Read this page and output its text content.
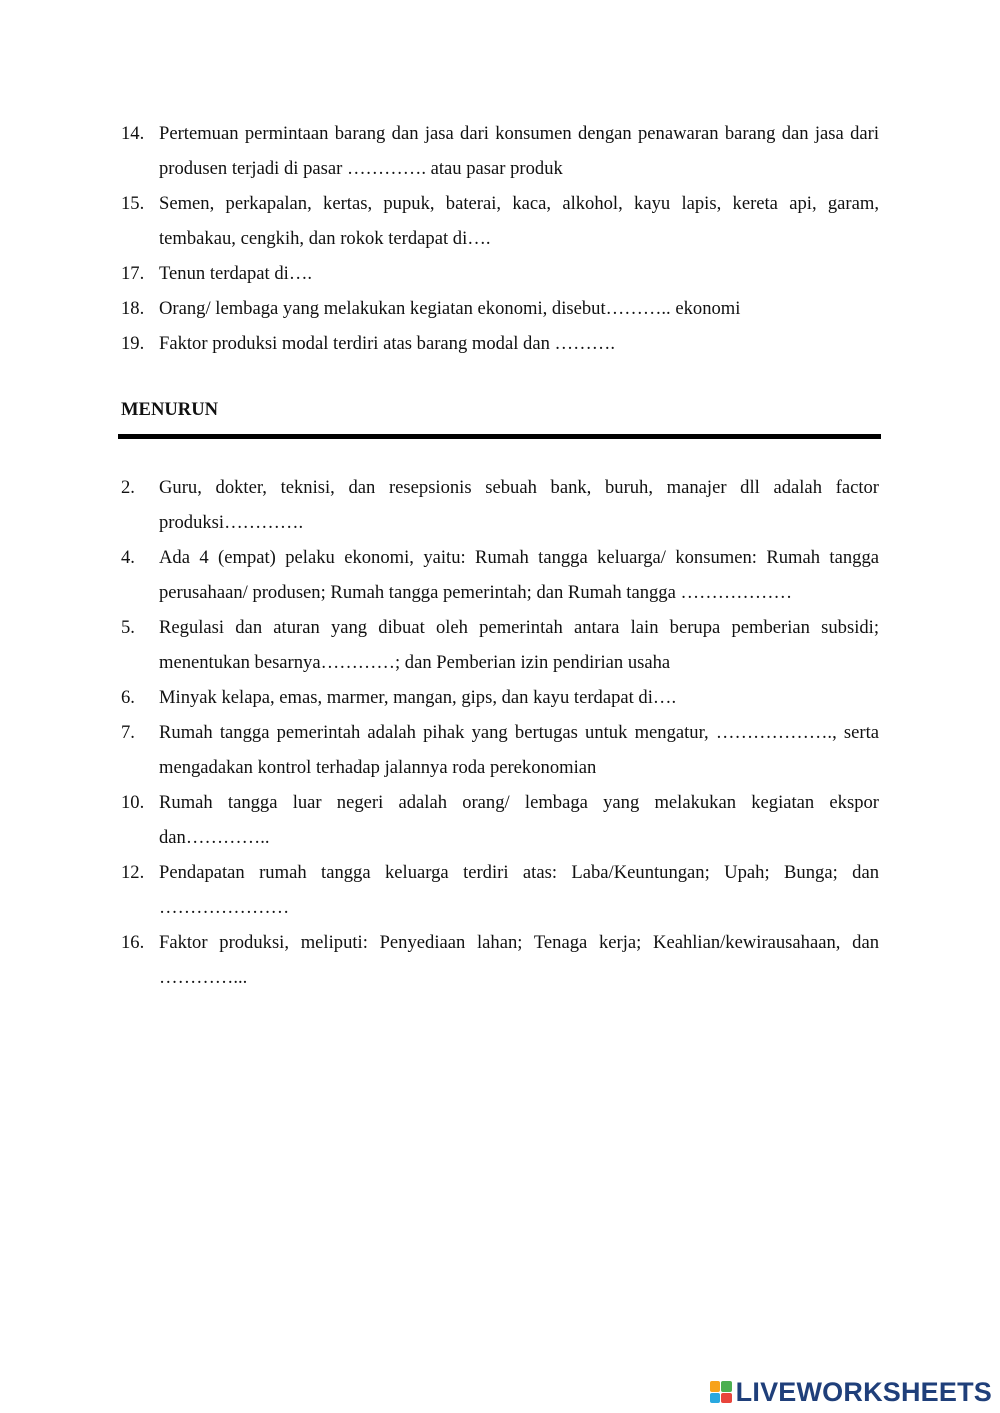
14. Pertemuan permintaan barang dan jasa dari konsumen dengan penawaran barang dan jasa dari produsen terjadi di pasar …………. atau pasar produk

15. Semen, perkapalan, kertas, pupuk, baterai, kaca, alkohol, kayu lapis, kereta api, garam, tembakau, cengkih, dan rokok terdapat di….

17. Tenun terdapat di….

18. Orang/ lembaga yang melakukan kegiatan ekonomi, disebut……….. ekonomi

19. Faktor produksi modal terdiri atas barang modal dan ……….

MENURUN

2.	Guru, dokter, teknisi, dan resepsionis sebuah bank, buruh, manajer dll adalah factor produksi………….

4.	Ada 4 (empat) pelaku ekonomi, yaitu: Rumah tangga keluarga/ konsumen: Rumah tangga perusahaan/ produsen; Rumah tangga pemerintah; dan Rumah tangga ………………

5.	Regulasi dan aturan yang dibuat oleh pemerintah antara lain berupa pemberian subsidi; menentukan besarnya…………; dan Pemberian izin pendirian usaha

6.	Minyak kelapa, emas, marmer, mangan, gips, dan kayu terdapat di….

7.	Rumah tangga pemerintah adalah pihak yang bertugas untuk mengatur, ………………., serta mengadakan kontrol terhadap jalannya roda perekonomian

10. Rumah tangga luar negeri adalah orang/ lembaga yang melakukan kegiatan ekspor dan…………..

12. Pendapatan rumah tangga keluarga terdiri atas: Laba/Keuntungan; Upah; Bunga; dan …………………

16. Faktor produksi, meliputi: Penyediaan lahan; Tenaga kerja; Keahlian/kewirausahaan, dan …………...

LIVEWORKSHEETS
